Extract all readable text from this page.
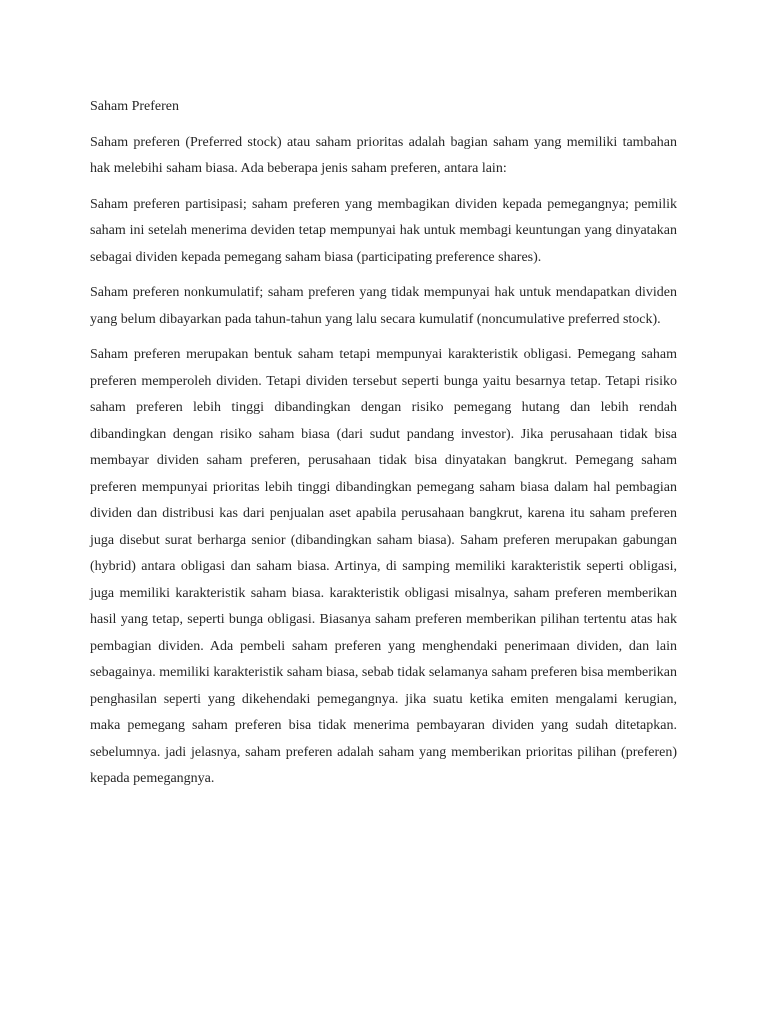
Saham Preferen

Saham preferen (Preferred stock) atau saham prioritas adalah bagian saham yang memiliki tambahan hak melebihi saham biasa. Ada beberapa jenis saham preferen, antara lain:

Saham preferen partisipasi; saham preferen yang membagikan dividen kepada pemegangnya; pemilik saham ini setelah menerima deviden tetap mempunyai hak untuk membagi keuntungan yang dinyatakan sebagai dividen kepada pemegang saham biasa (participating preference shares).

Saham preferen nonkumulatif; saham preferen yang tidak mempunyai hak untuk mendapatkan dividen yang belum dibayarkan pada tahun-tahun yang lalu secara kumulatif (noncumulative preferred stock).

Saham preferen merupakan bentuk saham tetapi mempunyai karakteristik obligasi. Pemegang saham preferen memperoleh dividen. Tetapi dividen tersebut seperti bunga yaitu besarnya tetap. Tetapi risiko saham preferen lebih tinggi dibandingkan dengan risiko pemegang hutang dan lebih rendah dibandingkan dengan risiko saham biasa (dari sudut pandang investor). Jika perusahaan tidak bisa membayar dividen saham preferen, perusahaan tidak bisa dinyatakan bangkrut. Pemegang saham preferen mempunyai prioritas lebih tinggi dibandingkan pemegang saham biasa dalam hal pembagian dividen dan distribusi kas dari penjualan aset apabila perusahaan bangkrut, karena itu saham preferen juga disebut surat berharga senior (dibandingkan saham biasa). Saham preferen merupakan gabungan (hybrid) antara obligasi dan saham biasa. Artinya, di samping memiliki karakteristik seperti obligasi, juga memiliki karakteristik saham biasa. karakteristik obligasi misalnya, saham preferen memberikan hasil yang tetap, seperti bunga obligasi. Biasanya saham preferen memberikan pilihan tertentu atas hak pembagian dividen. Ada pembeli saham preferen yang menghendaki penerimaan dividen, dan lain sebagainya. memiliki karakteristik saham biasa, sebab tidak selamanya saham preferen bisa memberikan penghasilan seperti yang dikehendaki pemegangnya. jika suatu ketika emiten mengalami kerugian, maka pemegang saham preferen bisa tidak menerima pembayaran dividen yang sudah ditetapkan. sebelumnya. jadi jelasnya, saham preferen adalah saham yang memberikan prioritas pilihan (preferen) kepada pemegangnya.
